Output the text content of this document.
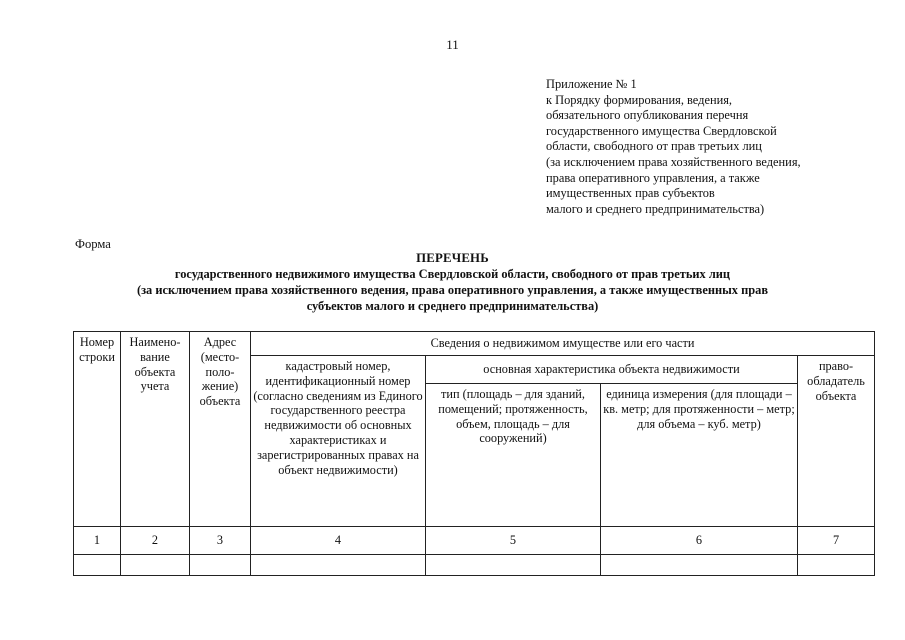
11
Приложение № 1
к Порядку формирования, ведения,
обязательного опубликования перечня
государственного имущества Свердловской
области, свободного от прав третьих лиц
(за исключением права хозяйственного ведения,
права оперативного управления, а также
имущественных прав субъектов
малого и среднего предпринимательства)
Форма
ПЕРЕЧЕНЬ
государственного недвижимого имущества Свердловской области, свободного от прав третьих лиц
(за исключением права хозяйственного ведения, права оперативного управления, а также имущественных прав
субъектов малого и среднего предпринимательства)
Номер строки	Наимено-вание объекта учета	Адрес (место-поло-жение) объекта	Сведения о недвижимом имуществе или его части			
			кадастровый номер, идентификационный номер (согласно сведениям из Единого государственного реестра недвижимости об основных характеристиках и зарегистрированных правах на объект недвижимости)	основная характеристика объекта недвижимости		право-обладатель объекта
				тип (площадь – для зданий, помещений; протяженность, объем, площадь – для сооружений)	единица измерения (для площади – кв. метр; для протяженности – метр; для объема – куб. метр)	
1	2	3	4	5	6	7
